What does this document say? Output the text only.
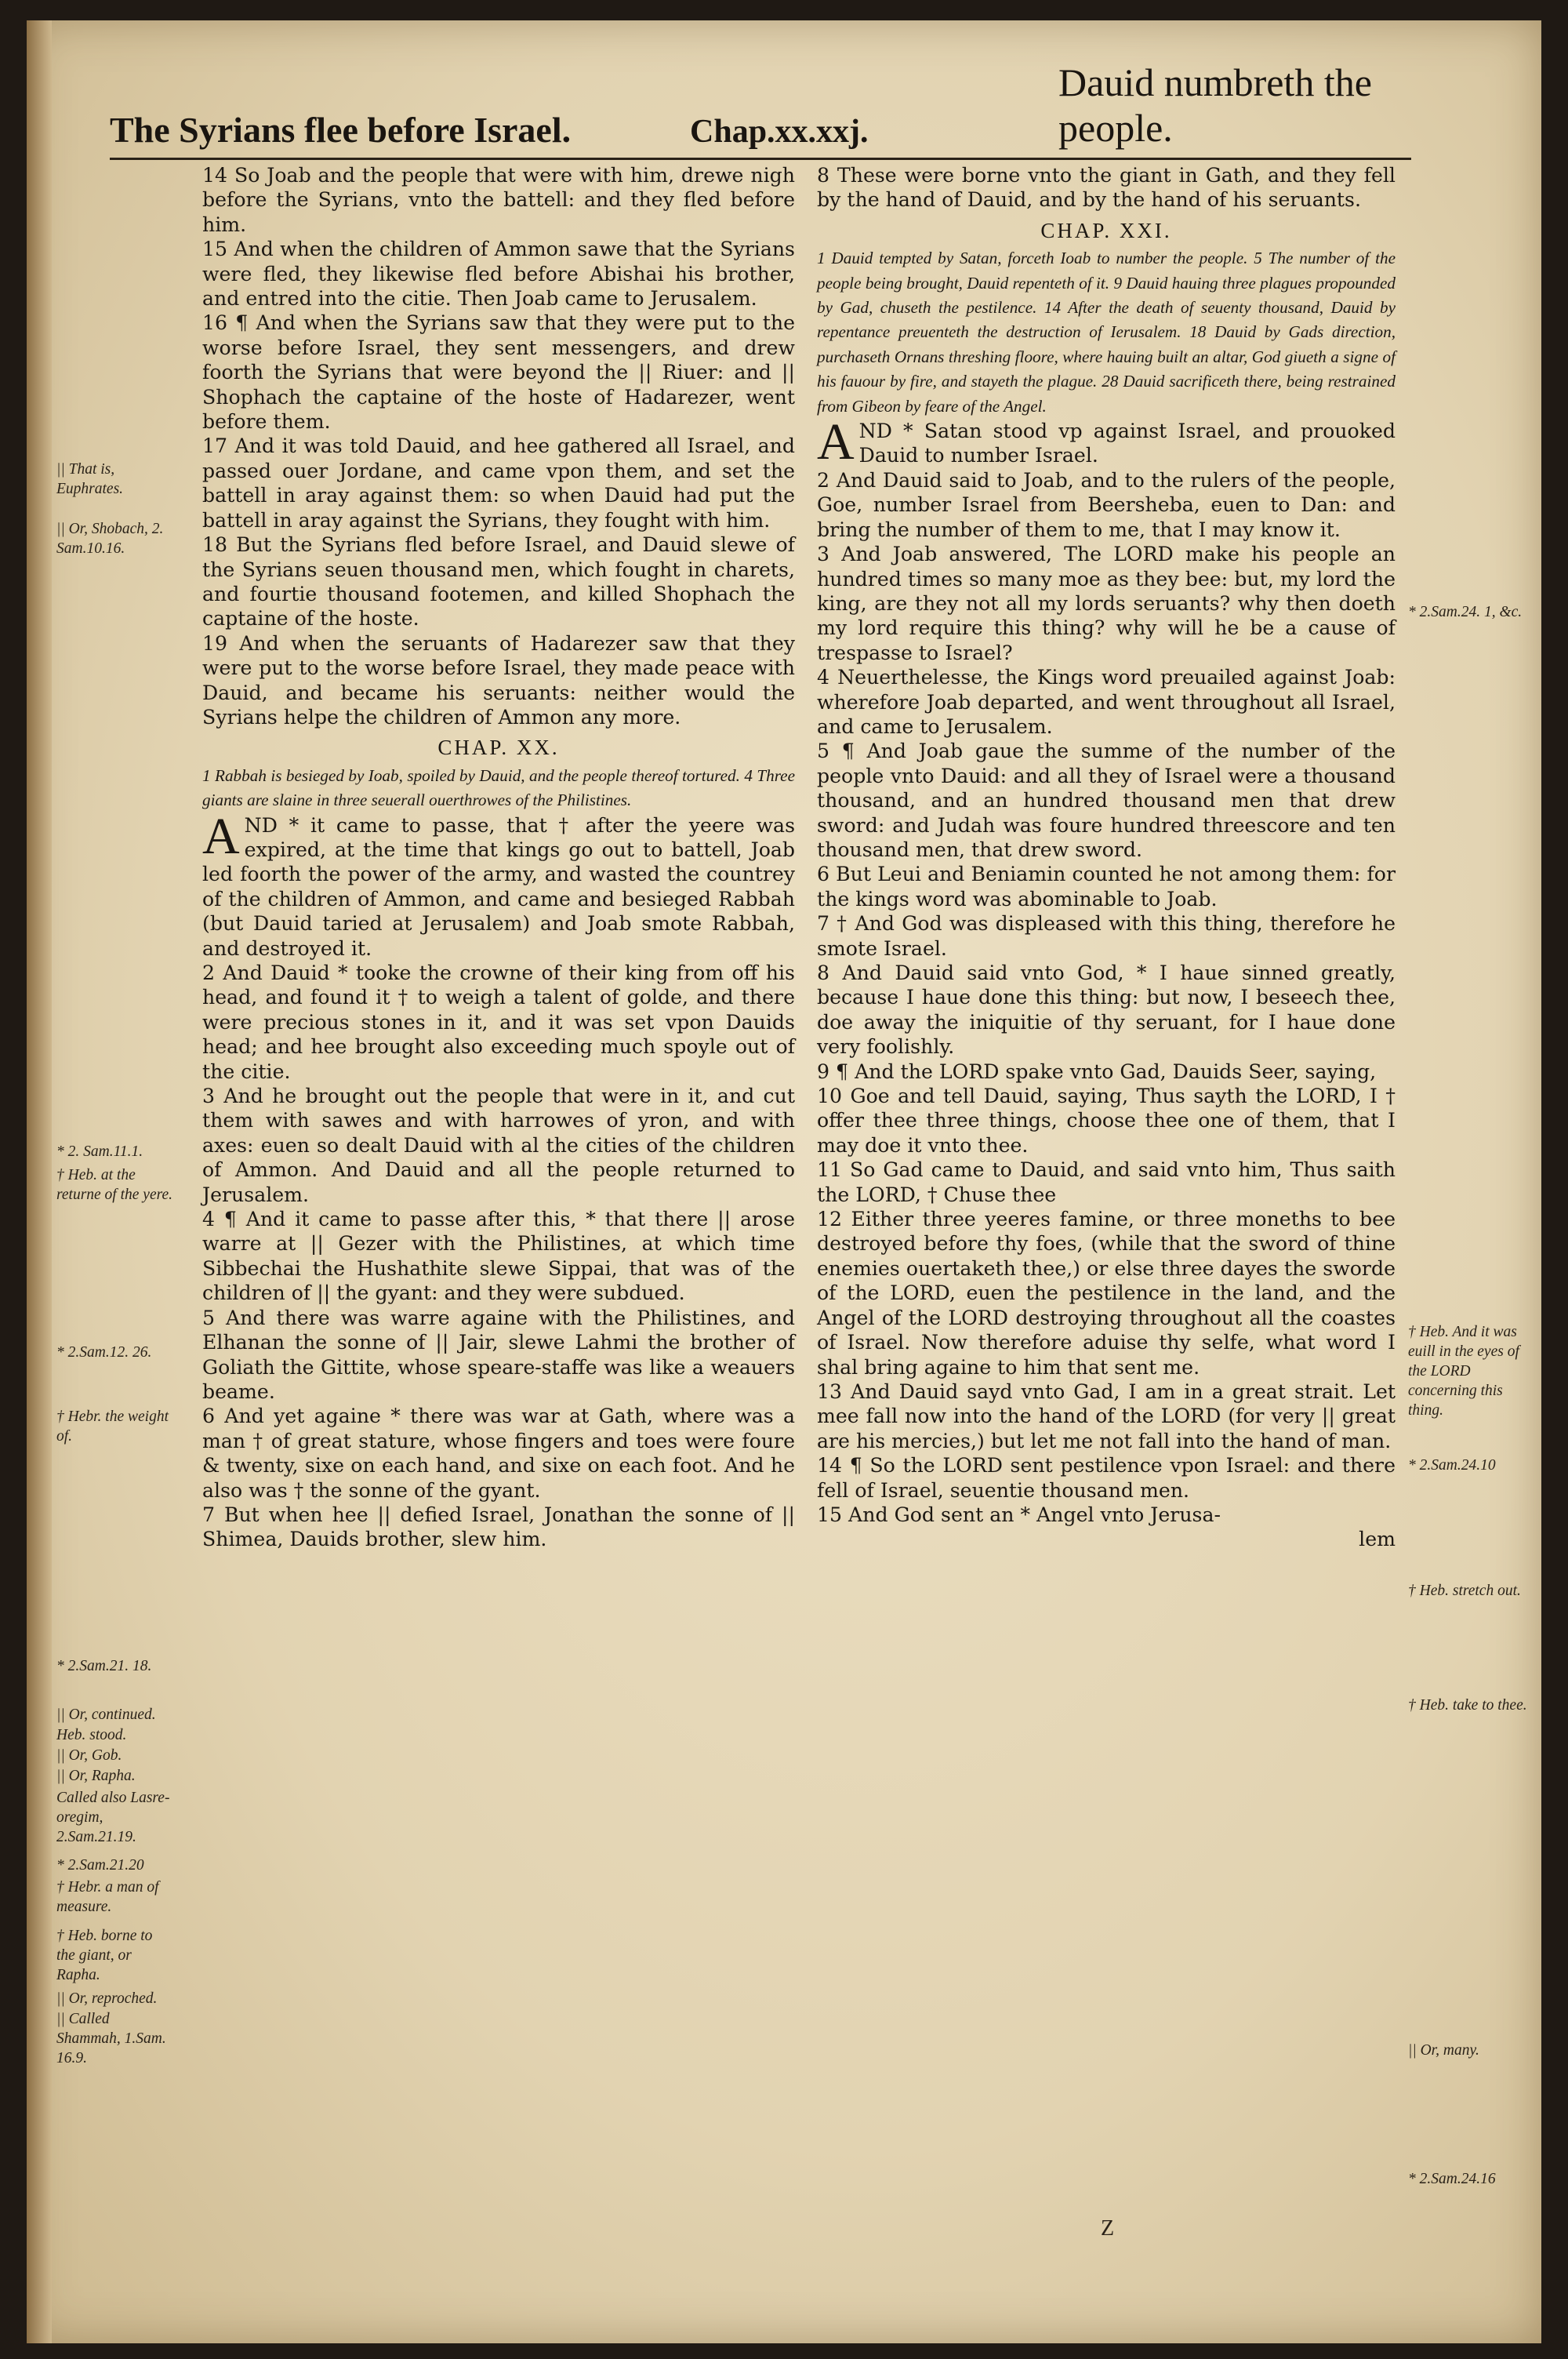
The Syrians flee before Israel.	Chap.xx.xxj.
Dauid numbreth the people.
|| That is, Euphrates.
|| Or, Shobach, 2. Sam.10.16.
* 2. Sam.11.1.
† Heb. at the returne of the yere.
* 2.Sam.12. 26.
† Hebr. the weight of.
* 2.Sam.21. 18.
|| Or, continued.
Heb. stood.
|| Or, Gob.
|| Or, Rapha.
Called also Lasre-oregim, 2.Sam.21.19.
* 2.Sam.21.20
† Hebr. a man of measure.
† Heb. borne to the giant, or Rapha.
|| Or, reproched.
|| Called Shammah, 1.Sam. 16.9.

14 So Joab and the people that were with him, drewe nigh before the Syrians, vnto the battell: and they fled before him.

15 And when the children of Ammon sawe that the Syrians were fled, they likewise fled before Abishai his brother, and entred into the citie. Then Joab came to Jerusalem.

16 ¶ And when the Syrians saw that they were put to the worse before Israel, they sent messengers, and drew foorth the Syrians that were beyond the || Riuer: and || Shophach the captaine of the hoste of Hadarezer, went before them.

17 And it was told Dauid, and hee gathered all Israel, and passed ouer Jordane, and came vpon them, and set the battell in aray against them: so when Dauid had put the battell in aray against the Syrians, they fought with him.

18 But the Syrians fled before Israel, and Dauid slewe of the Syrians seuen thousand men, which fought in charets, and fourtie thousand footemen, and killed Shophach the captaine of the hoste.

19 And when the seruants of Hadarezer saw that they were put to the worse before Israel, they made peace with Dauid, and became his seruants: neither would the Syrians helpe the children of Ammon any more.

CHAP. XX.

1 Rabbah is besieged by Ioab, spoiled by Dauid, and the people thereof tortured. 4 Three giants are slaine in three seuerall ouerthrowes of the Philistines.

AND * it came to passe, that † after the yeere was expired, at the time that kings go out to battell, Joab led foorth the power of the army, and wasted the countrey of the children of Ammon, and came and besieged Rabbah (but Dauid taried at Jerusalem) and Joab smote Rabbah, and destroyed it.

2 And Dauid * tooke the crowne of their king from off his head, and found it † to weigh a talent of golde, and there were precious stones in it, and it was set vpon Dauids head; and hee brought also exceeding much spoyle out of the citie.

3 And he brought out the people that were in it, and cut them with sawes and with harrowes of yron, and with axes: euen so dealt Dauid with al the cities of the children of Ammon. And Dauid and all the people returned to Jerusalem.

4 ¶ And it came to passe after this, * that there || arose warre at || Gezer with the Philistines, at which time Sibbechai the Hushathite slewe Sippai, that was of the children of || the gyant: and they were subdued.

5 And there was warre againe with the Philistines, and Elhanan the sonne of || Jair, slewe Lahmi the brother of Goliath the Gittite, whose speare-staffe was like a weauers beame.

6 And yet againe * there was war at Gath, where was a man † of great stature, whose fingers and toes were foure & twenty, sixe on each hand, and sixe on each foot. And he also was † the sonne of the gyant.

7 But when hee || defied Israel, Jonathan the sonne of || Shimea, Dauids brother, slew him.

8 These were borne vnto the giant in Gath, and they fell by the hand of Dauid, and by the hand of his seruants.

CHAP. XXI.

1 Dauid tempted by Satan, forceth Ioab to number the people. 5 The number of the people being brought, Dauid repenteth of it. 9 Dauid hauing three plagues propounded by Gad, chuseth the pestilence. 14 After the death of seuenty thousand, Dauid by repentance preuenteth the destruction of Ierusalem. 18 Dauid by Gads direction, purchaseth Ornans threshing floore, where hauing built an altar, God giueth a signe of his fauour by fire, and stayeth the plague. 28 Dauid sacrificeth there, being restrained from Gibeon by feare of the Angel.

AND * Satan stood vp against Israel, and prouoked Dauid to number Israel.

2 And Dauid said to Joab, and to the rulers of the people, Goe, number Israel from Beersheba, euen to Dan: and bring the number of them to me, that I may know it.

3 And Joab answered, The LORD make his people an hundred times so many moe as they bee: but, my lord the king, are they not all my lords seruants? why then doeth my lord require this thing? why will he be a cause of trespasse to Israel?

4 Neuerthelesse, the Kings word preuailed against Joab: wherefore Joab departed, and went throughout all Israel, and came to Jerusalem.

5 ¶ And Joab gaue the summe of the number of the people vnto Dauid: and all they of Israel were a thousand thousand, and an hundred thousand men that drew sword: and Judah was foure hundred threescore and ten thousand men, that drew sword.

6 But Leui and Beniamin counted he not among them: for the kings word was abominable to Joab.

7 † And God was displeased with this thing, therefore he smote Israel.

8 And Dauid said vnto God, * I haue sinned greatly, because I haue done this thing: but now, I beseech thee, doe away the iniquitie of thy seruant, for I haue done very foolishly.

9 ¶ And the LORD spake vnto Gad, Dauids Seer, saying,

10 Goe and tell Dauid, saying, Thus sayth the LORD, I † offer thee three things, choose thee one of them, that I may doe it vnto thee.

11 So Gad came to Dauid, and said vnto him, Thus saith the LORD, † Chuse thee

12 Either three yeeres famine, or three moneths to bee destroyed before thy foes, (while that the sword of thine enemies ouertaketh thee,) or else three dayes the sworde of the LORD, euen the pestilence in the land, and the Angel of the LORD destroying throughout all the coastes of Israel. Now therefore aduise thy selfe, what word I shal bring againe to him that sent me.

13 And Dauid sayd vnto Gad, I am in a great strait. Let mee fall now into the hand of the LORD (for very || great are his mercies,) but let me not fall into the hand of man.

14 ¶ So the LORD sent pestilence vpon Israel: and there fell of Israel, seuentie thousand men.

15 And God sent an * Angel vnto Jerusa-

lem

* 2.Sam.24. 1, &c.
† Heb. And it was euill in the eyes of the LORD concerning this thing.
* 2.Sam.24.10
† Heb. stretch out.
† Heb. take to thee.
|| Or, many.
* 2.Sam.24.16
Z
